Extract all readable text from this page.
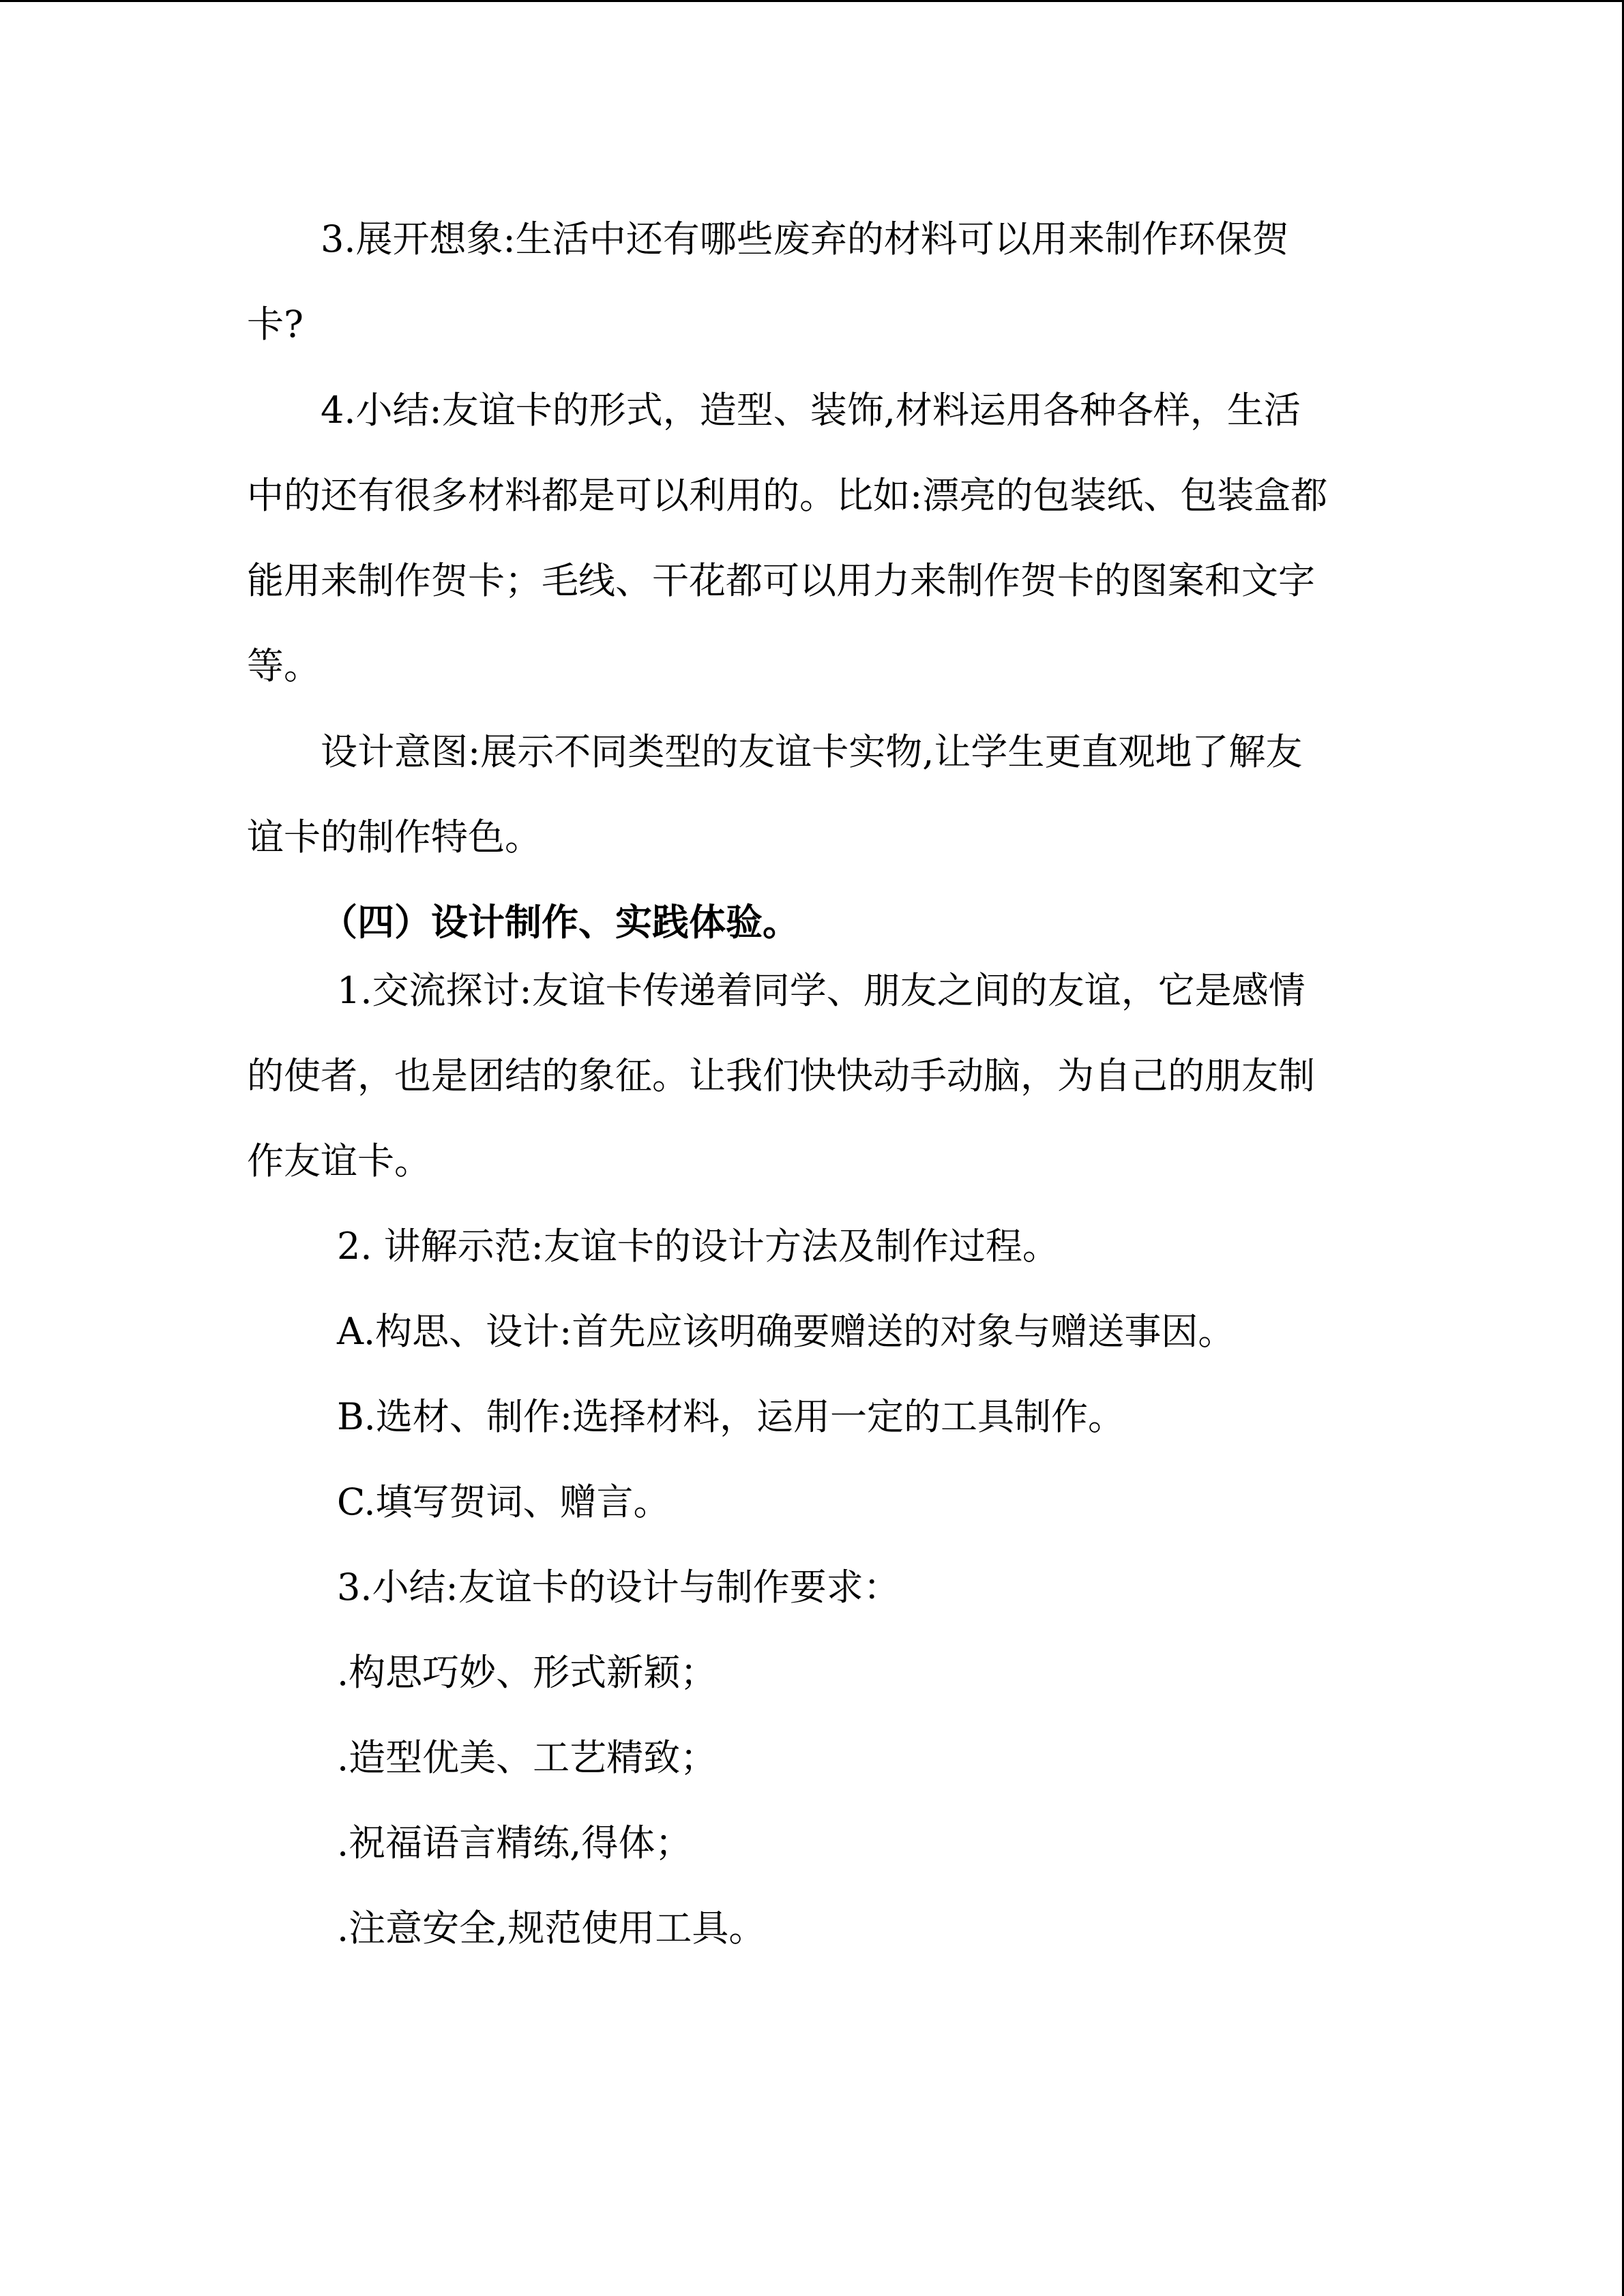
3.展开想象:生活中还有哪些废弃的材料可以用来制作环保贺

卡?

4.小结:友谊卡的形式，造型、装饰,材料运用各种各样，生活

中的还有很多材料都是可以利用的。比如:漂亮的包装纸、包装盒都

能用来制作贺卡；毛线、干花都可以用力来制作贺卡的图案和文字

等。

设计意图:展示不同类型的友谊卡实物,让学生更直观地了解友

谊卡的制作特色。

（四）设计制作、实践体验。

1.交流探讨:友谊卡传递着同学、朋友之间的友谊，它是感情

的使者，也是团结的象征。让我们快快动手动脑，为自己的朋友制

作友谊卡。

2. 讲解示范:友谊卡的设计方法及制作过程。

A.构思、设计:首先应该明确要赠送的对象与赠送事因。

B.选材、制作:选择材料，运用一定的工具制作。

C.填写贺词、赠言。

3.小结:友谊卡的设计与制作要求：

.构思巧妙、形式新颖；

.造型优美、工艺精致；

.祝福语言精练,得体；

.注意安全,规范使用工具。
